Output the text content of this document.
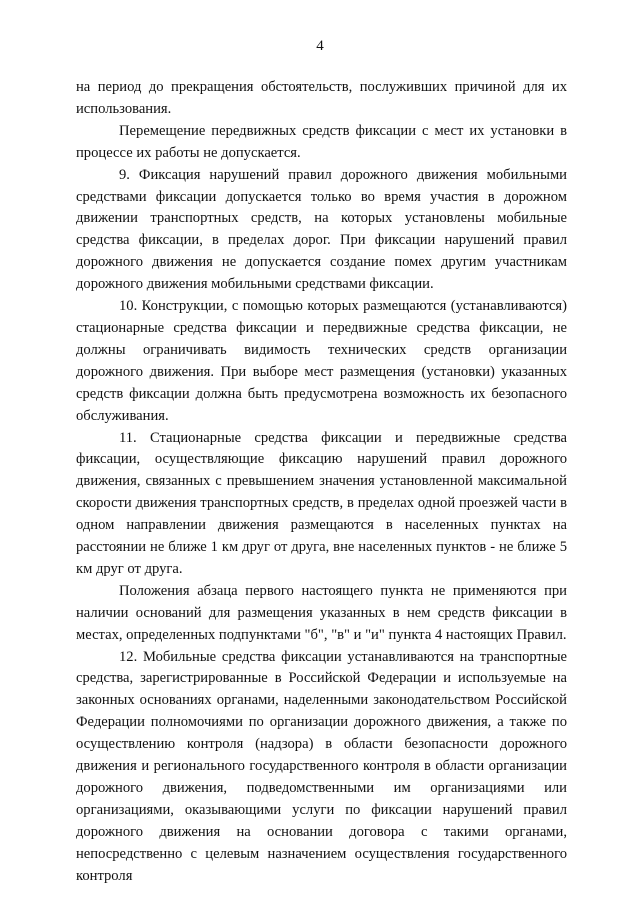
4

на период до прекращения обстоятельств, послуживших причиной для их использования.

Перемещение передвижных средств фиксации с мест их установки в процессе их работы не допускается.

9. Фиксация нарушений правил дорожного движения мобильными средствами фиксации допускается только во время участия в дорожном движении транспортных средств, на которых установлены мобильные средства фиксации, в пределах дорог. При фиксации нарушений правил дорожного движения не допускается создание помех другим участникам дорожного движения мобильными средствами фиксации.

10. Конструкции, с помощью которых размещаются (устанавливаются) стационарные средства фиксации и передвижные средства фиксации, не должны ограничивать видимость технических средств организации дорожного движения. При выборе мест размещения (установки) указанных средств фиксации должна быть предусмотрена возможность их безопасного обслуживания.

11. Стационарные средства фиксации и передвижные средства фиксации, осуществляющие фиксацию нарушений правил дорожного движения, связанных с превышением значения установленной максимальной скорости движения транспортных средств, в пределах одной проезжей части в одном направлении движения размещаются в населенных пунктах на расстоянии не ближе 1 км друг от друга, вне населенных пунктов - не ближе 5 км друг от друга.

Положения абзаца первого настоящего пункта не применяются при наличии оснований для размещения указанных в нем средств фиксации в местах, определенных подпунктами "б", "в" и "и" пункта 4 настоящих Правил.

12. Мобильные средства фиксации устанавливаются на транспортные средства, зарегистрированные в Российской Федерации и используемые на законных основаниях органами, наделенными законодательством Российской Федерации полномочиями по организации дорожного движения, а также по осуществлению контроля (надзора) в области безопасности дорожного движения и регионального государственного контроля в области организации дорожного движения, подведомственными им организациями или организациями, оказывающими услуги по фиксации нарушений правил дорожного движения на основании договора с такими органами, непосредственно с целевым назначением осуществления государственного контроля
